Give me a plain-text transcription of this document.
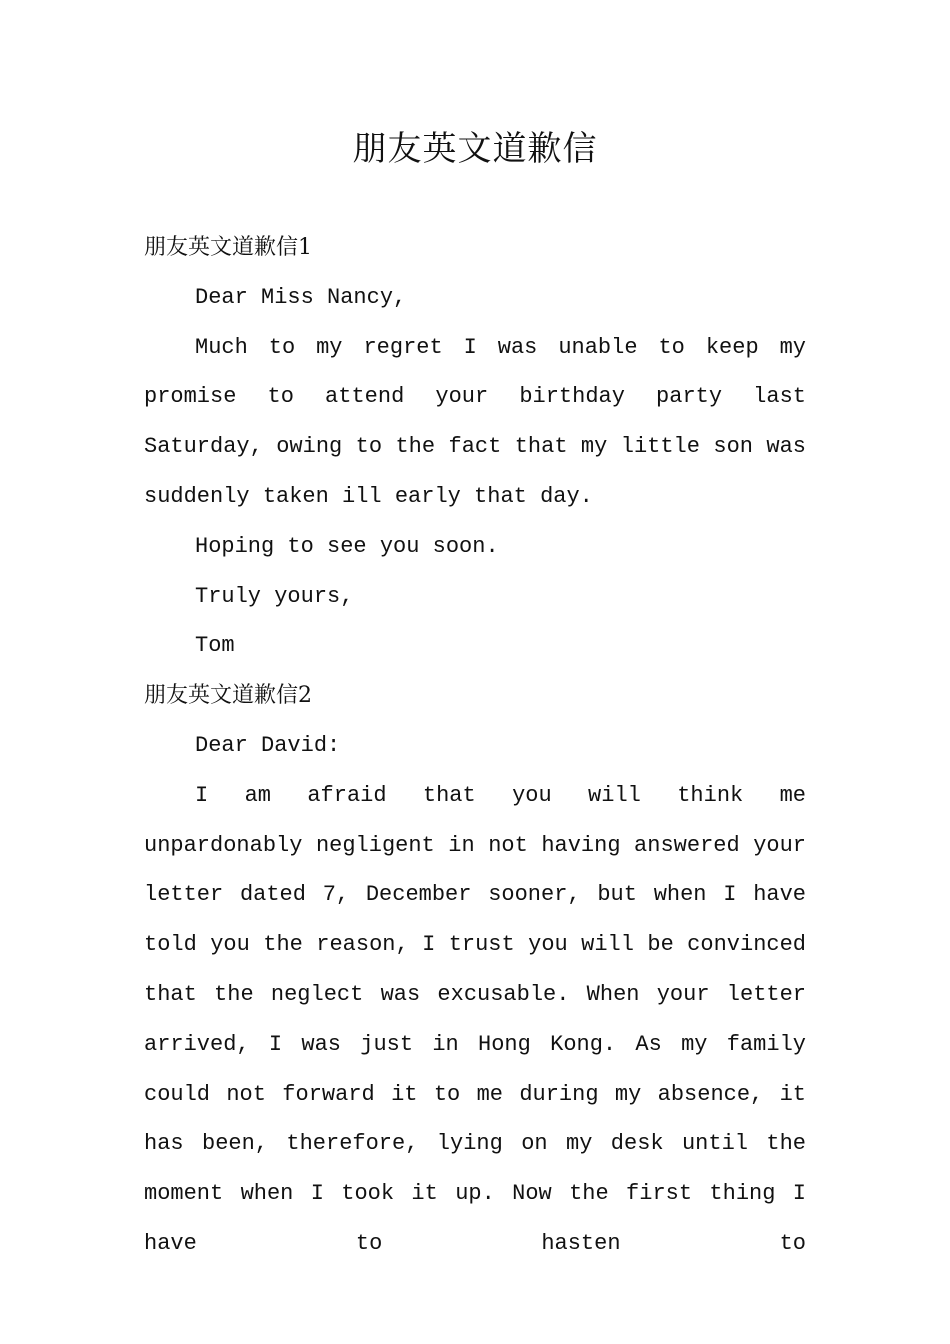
朋友英文道歉信

朋友英文道歉信1

Dear Miss Nancy,

Much to my regret I was unable to keep my promise to attend your birthday party last Saturday, owing to the fact that my little son was suddenly taken ill early that day.

Hoping to see you soon.

Truly yours,

Tom

朋友英文道歉信2

Dear David:

I am afraid that you will think me unpardonably negligent in not having answered your letter dated 7, December sooner, but when I have told you the reason, I trust you will be convinced that the neglect was excusable. When your letter arrived, I was just in Hong Kong. As my family could not forward it to me during my absence, it has been, therefore, lying on my desk until the moment when I took it up. Now the first thing I have to hasten to
